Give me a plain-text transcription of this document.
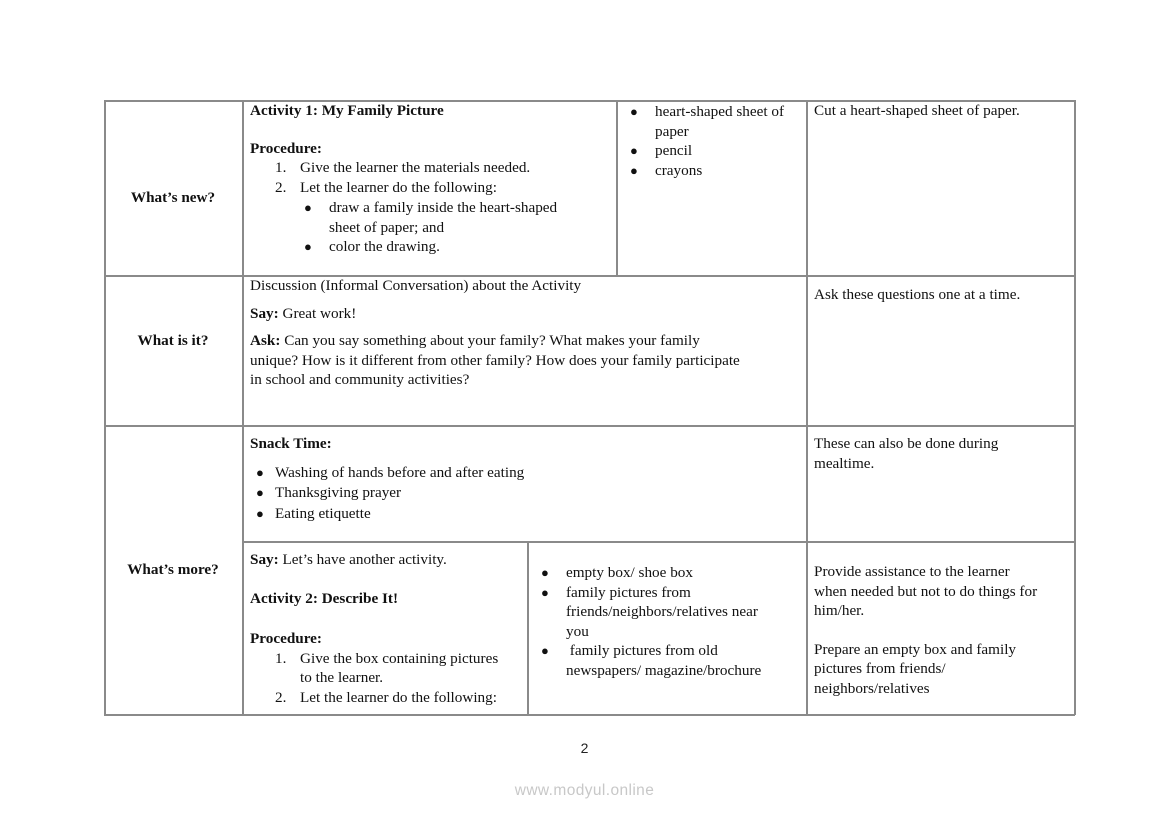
What’s new?
Activity 1: My Family Picture
Procedure:
1. Give the learner the materials needed.
2. Let the learner do the following:
● draw a family inside the heart-shaped
sheet of paper; and
● color the drawing.
● heart-shaped sheet of
paper
● pencil
● crayons
Cut a heart-shaped sheet of paper.
What is it?
Discussion (Informal Conversation) about the Activity
Say: Great work!
Ask: Can you say something about your family? What makes your family
unique? How is it different from other family? How does your family participate
in school and community activities?
Ask these questions one at a time.
What’s more?
Snack Time:
● Washing of hands before and after eating
● Thanksgiving prayer
● Eating etiquette
These can also be done during
mealtime.
Say: Let’s have another activity.
Activity 2: Describe It!
Procedure:
1. Give the box containing pictures
to the learner.
2. Let the learner do the following:
● empty box/ shoe box
● family pictures from
friends/neighbors/relatives near
you
● family pictures from old
newspapers/ magazine/brochure
Provide assistance to the learner
when needed but not to do things for
him/her.
Prepare an empty box and family
pictures from friends/
neighbors/relatives
2
www.modyul.online
